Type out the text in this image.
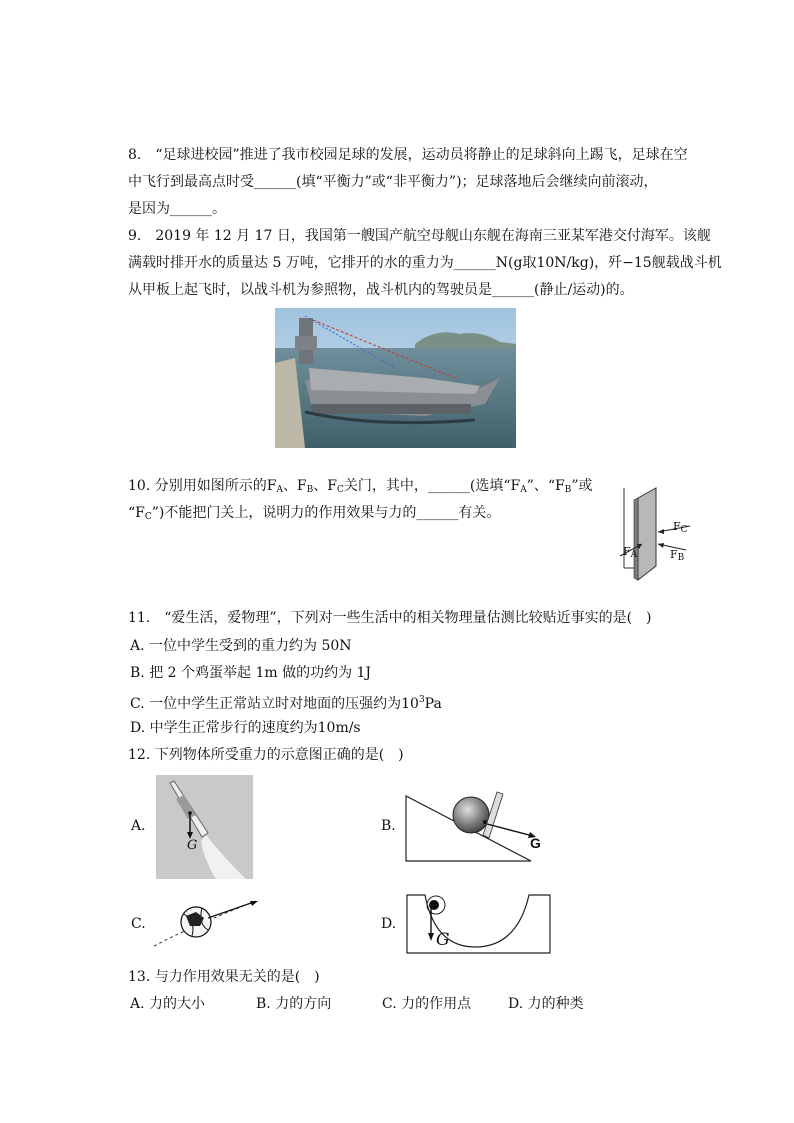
8.　“足球进校园”推进了我市校园足球的发展，运动员将静止的足球斜向上踢飞，足球在空
中飞行到最高点时受______(填“平衡力”或“非平衡力”)；足球落地后会继续向前滚动，
是因为______。
9.　2019 年 12 月 17 日，我国第一艘国产航空母舰山东舰在海南三亚某军港交付海军。该舰
满载时排开水的质量达 5 万吨，它排开的水的重力为______N(g取10N/kg)，歼−15舰载战斗机
从甲板上起飞时，以战斗机为参照物，战斗机内的驾驶员是______(静止/运动)的。
10. 分别用如图所示的$F_A$、$F_B$、$F_C$关门，其中，______(选填“$F_A$”、“$F_B$”或
“$F_C$”)不能把门关上，说明力的作用效果与力的______有关。
$F_C$
$F_A$	$F_B$
11.　“爱生活，爱物理”，下列对一些生活中的相关物理量估测比较贴近事实的是(　)
A. 一位中学生受到的重力约为 50N
B. 把 2 个鸡蛋举起 1m 做的功约为 1J
C. 一位中学生正常站立时对地面的压强约为$10^3Pa$
D. 中学生正常步行的速度约为10m/s
12. 下列物体所受重力的示意图正确的是(　)
A.
G
B.
G
C.	D.
G
13. 与力作用效果无关的是(　)
A. 力的大小	B. 力的方向	C. 力的作用点	D. 力的种类
